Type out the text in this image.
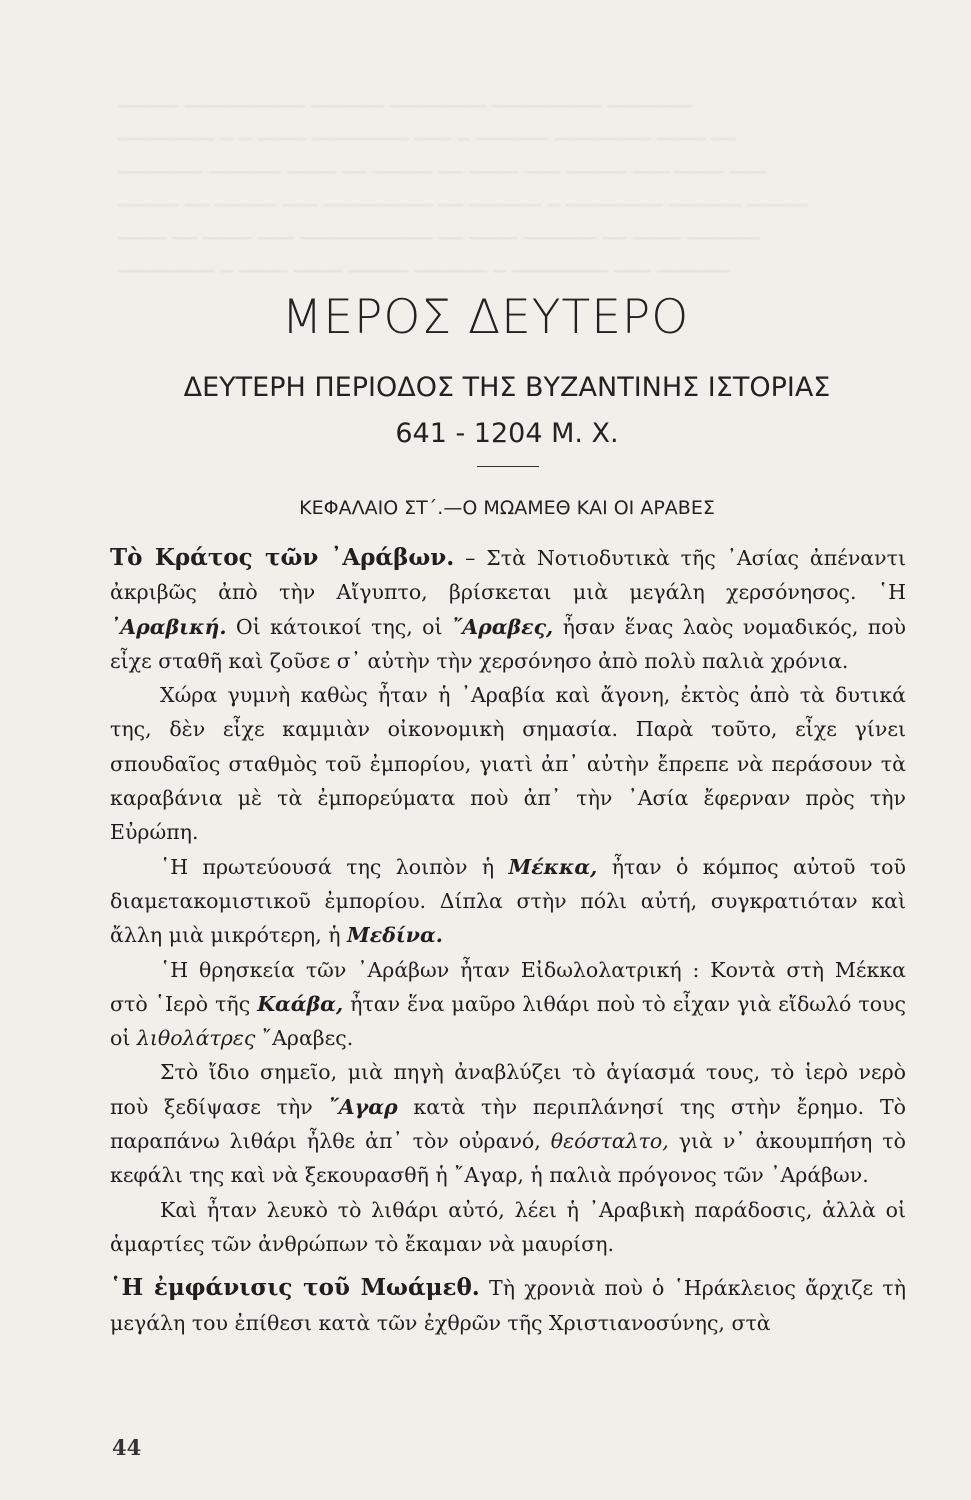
───── ────────── ────── ──────── ───────── ───────

──────── ─ ─ ──── ──────── ─── ─ ────── ──────── ──── ──

─────── ────── ──── ── ───── ── ──── ─── ───── ─── ──── ───

───── ── ───── ─── ───────── ── ────── ─ ──────── ────── ─────

──── ── ──── ─── ─────────── ── ──── ────── ── ──── ──────

──────── ─ ──── ──── ───── ────── ─ ──────── ─── ──────

ΜΕΡΟΣ ΔΕΥΤΕΡΟ
ΔΕΥΤΕΡΗ ΠΕΡΙΟΔΟΣ ΤΗΣ ΒΥΖΑΝΤΙΝΗΣ ΙΣΤΟΡΙΑΣ
641 - 1204 Μ. Χ.
ΚΕΦΑΛΑΙΟ ΣΤ΄.—Ο ΜΩΑΜΕΘ ΚΑΙ ΟΙ ΑΡΑΒΕΣ

Τὸ Κράτος τῶν ᾿Αράβων. – Στὰ Νοτιοδυτικὰ τῆς ᾿Ασίας ἀπέναντι ἀκριβῶς ἀπὸ τὴν Αἴγυπτο, βρίσκεται μιὰ μεγάλη χερσόνησος. ῾Η ᾿Αραβική. Οἱ κάτοικοί της, οἱ ῎Αραβες, ἦσαν ἕνας λαὸς νομαδικός, ποὺ εἶχε σταθῆ καὶ ζοῦσε σ᾿ αὐτὴν τὴν χερσόνησο ἀπὸ πολὺ παλιὰ χρόνια.

Χώρα γυμνὴ καθὼς ἦταν ἡ ᾿Αραβία καὶ ἄγονη, ἐκτὸς ἀπὸ τὰ δυτικά της, δὲν εἶχε καμμιὰν οἰκονομικὴ σημασία. Παρὰ τοῦτο, εἶχε γίνει σπουδαῖος σταθμὸς τοῦ ἐμπορίου, γιατὶ ἀπ᾿ αὐτὴν ἔπρεπε νὰ περάσουν τὰ καραβάνια μὲ τὰ ἐμπορεύματα ποὺ ἀπ᾿ τὴν ᾿Ασία ἔφερναν πρὸς τὴν Εὐρώπη.

῾Η πρωτεύουσά της λοιπὸν ἡ Μέκκα, ἦταν ὁ κόμπος αὐτοῦ τοῦ διαμετακομιστικοῦ ἐμπορίου. Δίπλα στὴν πόλι αὐτή, συγκρατιόταν καὶ ἄλλη μιὰ μικρότερη, ἡ Μεδίνα.

῾Η θρησκεία τῶν ᾿Αράβων ἦταν Εἰδωλολατρική : Κοντὰ στὴ Μέκκα στὸ ῾Ιερὸ τῆς Καάβα, ἦταν ἕνα μαῦρο λιθάρι ποὺ τὸ εἶχαν γιὰ εἴδωλό τους οἱ λιθολάτρες ῎Αραβες.

Στὸ ἴδιο σημεῖο, μιὰ πηγὴ ἀναβλύζει τὸ ἁγίασμά τους, τὸ ἱερὸ νερὸ ποὺ ξεδίψασε τὴν ῎Αγαρ κατὰ τὴν περιπλάνησί της στὴν ἔρημο. Τὸ παραπάνω λιθάρι ἦλθε ἀπ᾿ τὸν οὐρανό, θεόσταλτο, γιὰ ν᾿ ἀκουμπήση τὸ κεφάλι της καὶ νὰ ξεκουρασθῆ ἡ ῎Αγαρ, ἡ παλιὰ πρόγονος τῶν ᾿Αράβων.

Καὶ ἦταν λευκὸ τὸ λιθάρι αὐτό, λέει ἡ ᾿Αραβικὴ παράδοσις, ἀλλὰ οἱ ἁμαρτίες τῶν ἀνθρώπων τὸ ἔκαμαν νὰ μαυρίση.

῾Η ἐμφάνισις τοῦ Μωάμεθ. Τὴ χρονιὰ ποὺ ὁ ῾Ηράκλειος ἄρχιζε τὴ μεγάλη του ἐπίθεσι κατὰ τῶν ἐχθρῶν τῆς Χριστιανοσύνης, στὰ

44
